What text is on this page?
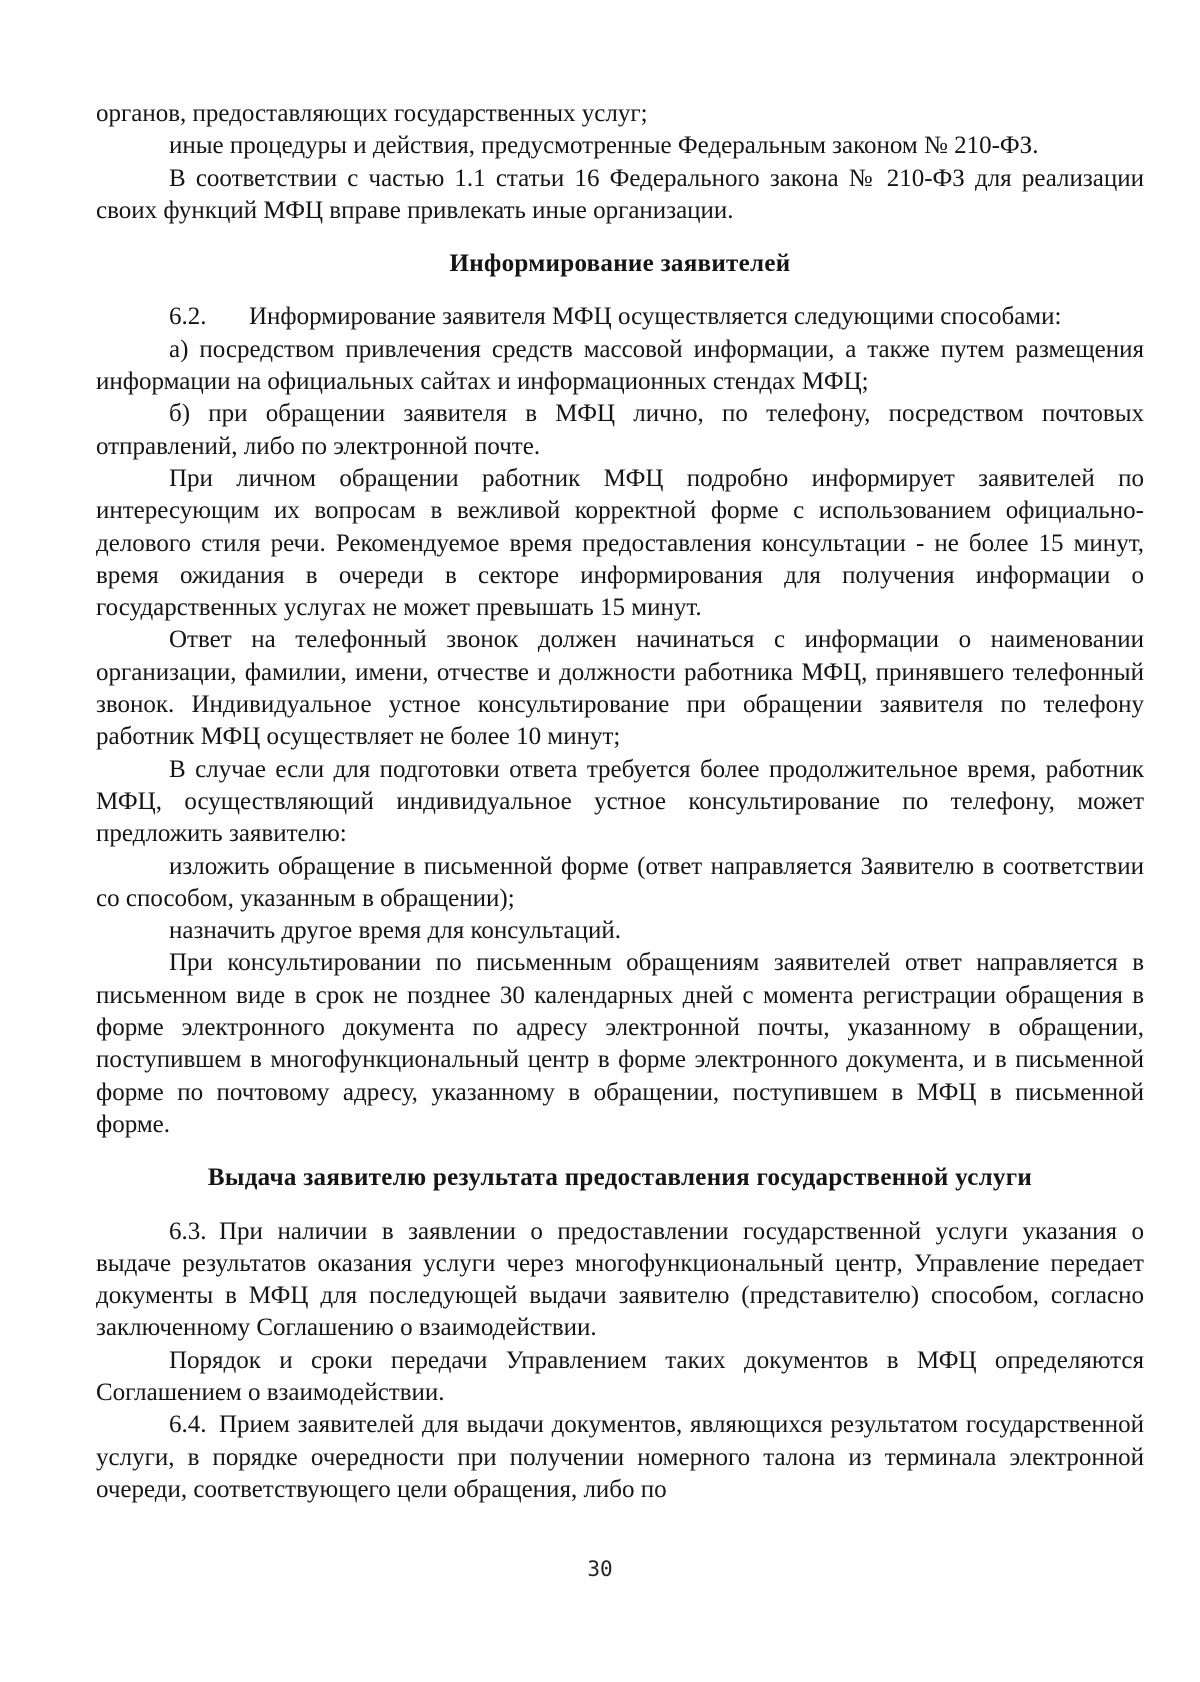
органов, предоставляющих государственных услуг;

иные процедуры и действия, предусмотренные Федеральным законом № 210-ФЗ.

В соответствии с частью 1.1 статьи 16 Федерального закона № 210-ФЗ для реализации своих функций МФЦ вправе привлекать иные организации.

Информирование заявителей

6.2. Информирование заявителя МФЦ осуществляется следующими способами:

а) посредством привлечения средств массовой информации, а также путем размещения информации на официальных сайтах и информационных стендах МФЦ;

б) при обращении заявителя в МФЦ лично, по телефону, посредством почтовых отправлений, либо по электронной почте.

При личном обращении работник МФЦ подробно информирует заявителей по интересующим их вопросам в вежливой корректной форме с использованием официально-делового стиля речи. Рекомендуемое время предоставления консультации - не более 15 минут, время ожидания в очереди в секторе информирования для получения информации о государственных услугах не может превышать 15 минут.

Ответ на телефонный звонок должен начинаться с информации о наименовании организации, фамилии, имени, отчестве и должности работника МФЦ, принявшего телефонный звонок. Индивидуальное устное консультирование при обращении заявителя по телефону работник МФЦ осуществляет не более 10 минут;

В случае если для подготовки ответа требуется более продолжительное время, работник МФЦ, осуществляющий индивидуальное устное консультирование по телефону, может предложить заявителю:

изложить обращение в письменной форме (ответ направляется Заявителю в соответствии со способом, указанным в обращении);

назначить другое время для консультаций.

При консультировании по письменным обращениям заявителей ответ направляется в письменном виде в срок не позднее 30 календарных дней с момента регистрации обращения в форме электронного документа по адресу электронной почты, указанному в обращении, поступившем в многофункциональный центр в форме электронного документа, и в письменной форме по почтовому адресу, указанному в обращении, поступившем в МФЦ в письменной форме.

Выдача заявителю результата предоставления государственной услуги

6.3. При наличии в заявлении о предоставлении государственной услуги указания о выдаче результатов оказания услуги через многофункциональный центр, Управление передает документы в МФЦ для последующей выдачи заявителю (представителю) способом, согласно заключенному Соглашению о взаимодействии.

Порядок и сроки передачи Управлением таких документов в МФЦ определяются Соглашением о взаимодействии.

6.4. Прием заявителей для выдачи документов, являющихся результатом государственной услуги, в порядке очередности при получении номерного талона из терминала электронной очереди, соответствующего цели обращения, либо по

30
